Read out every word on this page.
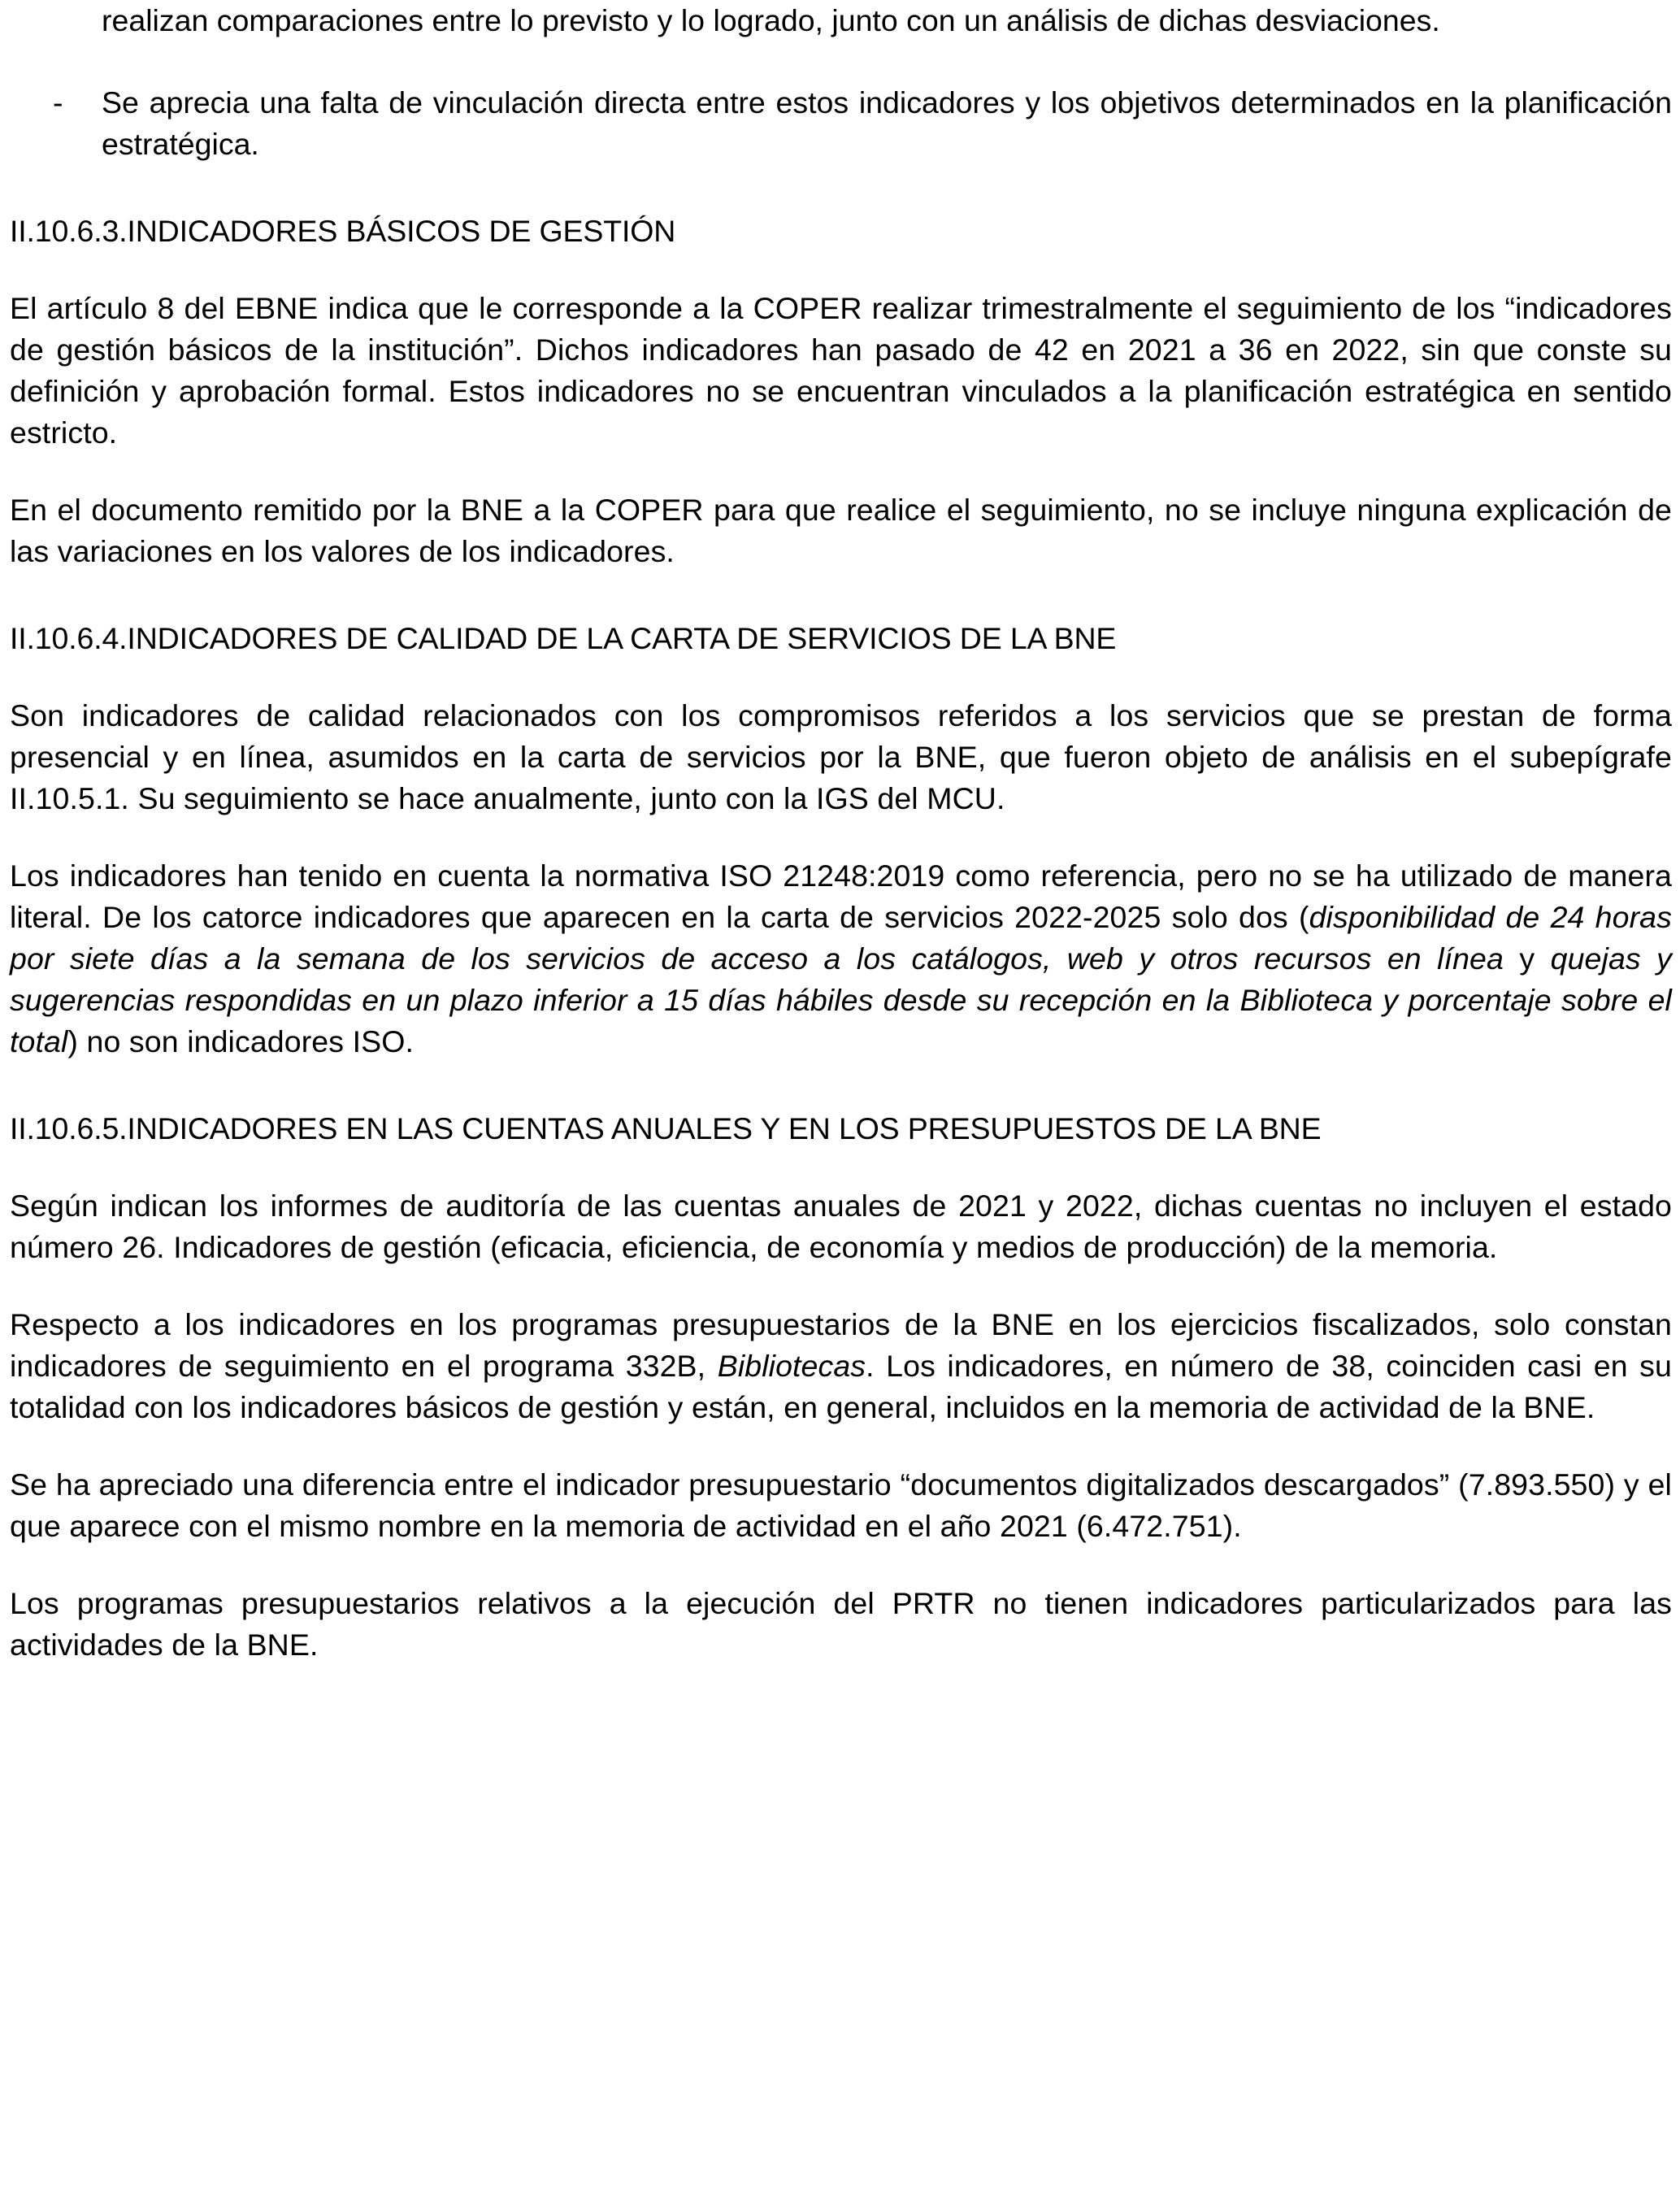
realizan comparaciones entre lo previsto y lo logrado, junto con un análisis de dichas desviaciones.

- Se aprecia una falta de vinculación directa entre estos indicadores y los objetivos determinados en la planificación estratégica.
II.10.6.3.INDICADORES BÁSICOS DE GESTIÓN

El artículo 8 del EBNE indica que le corresponde a la COPER realizar trimestralmente el seguimiento de los “indicadores de gestión básicos de la institución”. Dichos indicadores han pasado de 42 en 2021 a 36 en 2022, sin que conste su definición y aprobación formal. Estos indicadores no se encuentran vinculados a la planificación estratégica en sentido estricto.

En el documento remitido por la BNE a la COPER para que realice el seguimiento, no se incluye ninguna explicación de las variaciones en los valores de los indicadores.

II.10.6.4.INDICADORES DE CALIDAD DE LA CARTA DE SERVICIOS DE LA BNE

Son indicadores de calidad relacionados con los compromisos referidos a los servicios que se prestan de forma presencial y en línea, asumidos en la carta de servicios por la BNE, que fueron objeto de análisis en el subepígrafe II.10.5.1. Su seguimiento se hace anualmente, junto con la IGS del MCU.

Los indicadores han tenido en cuenta la normativa ISO 21248:2019 como referencia, pero no se ha utilizado de manera literal. De los catorce indicadores que aparecen en la carta de servicios 2022-2025 solo dos (disponibilidad de 24 horas por siete días a la semana de los servicios de acceso a los catálogos, web y otros recursos en línea y quejas y sugerencias respondidas en un plazo inferior a 15 días hábiles desde su recepción en la Biblioteca y porcentaje sobre el total) no son indicadores ISO.

II.10.6.5.INDICADORES EN LAS CUENTAS ANUALES Y EN LOS PRESUPUESTOS DE LA BNE

Según indican los informes de auditoría de las cuentas anuales de 2021 y 2022, dichas cuentas no incluyen el estado número 26. Indicadores de gestión (eficacia, eficiencia, de economía y medios de producción) de la memoria.

Respecto a los indicadores en los programas presupuestarios de la BNE en los ejercicios fiscalizados, solo constan indicadores de seguimiento en el programa 332B, Bibliotecas. Los indicadores, en número de 38, coinciden casi en su totalidad con los indicadores básicos de gestión y están, en general, incluidos en la memoria de actividad de la BNE.

Se ha apreciado una diferencia entre el indicador presupuestario “documentos digitalizados descargados” (7.893.550) y el que aparece con el mismo nombre en la memoria de actividad en el año 2021 (6.472.751).

Los programas presupuestarios relativos a la ejecución del PRTR no tienen indicadores particularizados para las actividades de la BNE.
